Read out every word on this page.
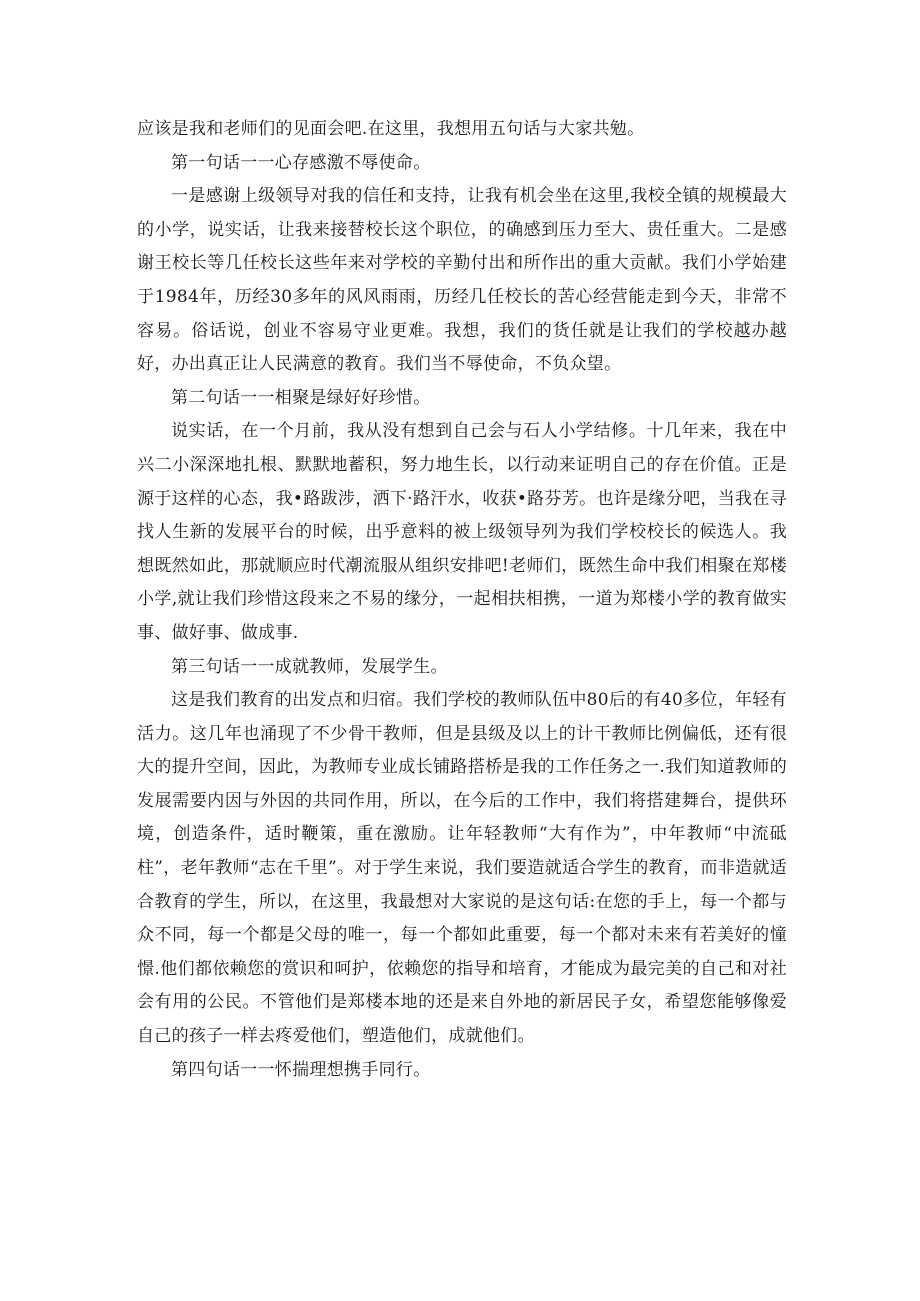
应该是我和老师们的见面会吧.在这里，我想用五句话与大家共勉。

第一句话一一心存感激不辱使命。

一是感谢上级领导对我的信任和支持，让我有机会坐在这里,我校全镇的规模最大的小学，说实话，让我来接替校长这个职位，的确感到压力至大、贵任重大。二是感谢王校长等几任校长这些年来对学校的辛勤付出和所作出的重大贡献。我们小学始建于1984年，历经30多年的风风雨雨，历经几任校长的苦心经营能走到今天，非常不容易。俗话说，创业不容易守业更难。我想，我们的货任就是让我们的学校越办越好，办出真正让人民满意的教育。我们当不辱使命，不负众望。

第二句话一一相聚是绿好好珍惜。

说实话，在一个月前，我从没有想到自己会与石人小学结修。十几年来，我在中兴二小深深地扎根、默默地蓄积，努力地生长，以行动来证明自己的存在价值。正是源于这样的心态，我•路跋涉，洒下·路汗水，收获•路芬芳。也许是缘分吧，当我在寻找人生新的发展平台的时候，出乎意料的被上级领导列为我们学校校长的候选人。我想既然如此，那就顺应时代潮流服从组织安排吧!老师们，既然生命中我们相聚在郑楼小学,就让我们珍惜这段来之不易的缘分，一起相扶相携，一道为郑楼小学的教育做实事、做好事、做成事.

第三句话一一成就教师，发展学生。

这是我们教育的出发点和归宿。我们学校的教师队伍中80后的有40多位，年轻有活力。这几年也涌现了不少骨干教师，但是县级及以上的计干教师比例偏低，还有很大的提升空间，因此，为教师专业成长铺路搭桥是我的工作任务之一.我们知道教师的发展需要内因与外因的共同作用，所以，在今后的工作中，我们将搭建舞台，提供环境，创造条件，适时鞭策，重在激励。让年轻教师“大有作为”，中年教师“中流砥柱”，老年教师“志在千里”。对于学生来说，我们要造就适合学生的教育，而非造就适合教育的学生，所以，在这里，我最想对大家说的是这句话:在您的手上，每一个都与众不同，每一个都是父母的唯一，每一个都如此重要，每一个都对未来有若美好的憧憬.他们都依赖您的赏识和呵护，依赖您的指导和培育，才能成为最完美的自己和对社会有用的公民。不管他们是郑楼本地的还是来自外地的新居民子女，希望您能够像爱自己的孩子一样去疼爱他们，塑造他们，成就他们。

第四句话一一怀揣理想携手同行。
